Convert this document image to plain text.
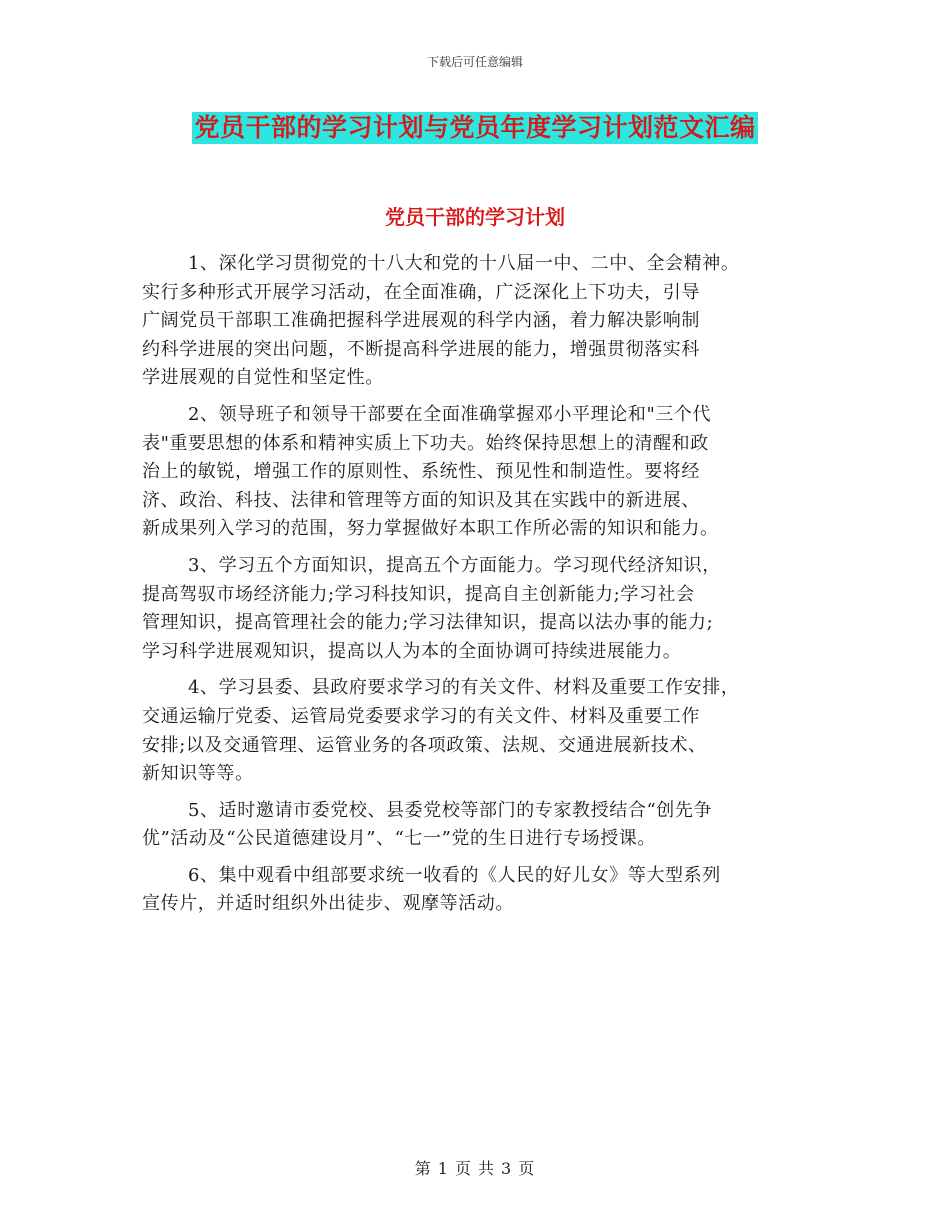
下载后可任意编辑
党员干部的学习计划与党员年度学习计划范文汇编
党员干部的学习计划
1、深化学习贯彻党的十八大和党的十八届一中、二中、全会精神。
实行多种形式开展学习活动，在全面准确，广泛深化上下功夫，引导
广阔党员干部职工准确把握科学进展观的科学内涵，着力解决影响制
约科学进展的突出问题，不断提高科学进展的能力，增强贯彻落实科
学进展观的自觉性和坚定性。
2、领导班子和领导干部要在全面准确掌握邓小平理论和"三个代
表"重要思想的体系和精神实质上下功夫。始终保持思想上的清醒和政
治上的敏锐，增强工作的原则性、系统性、预见性和制造性。要将经
济、政治、科技、法律和管理等方面的知识及其在实践中的新进展、
新成果列入学习的范围，努力掌握做好本职工作所必需的知识和能力。
3、学习五个方面知识，提高五个方面能力。学习现代经济知识，
提高驾驭市场经济能力;学习科技知识，提高自主创新能力;学习社会
管理知识，提高管理社会的能力;学习法律知识，提高以法办事的能力;
学习科学进展观知识，提高以人为本的全面协调可持续进展能力。
4、学习县委、县政府要求学习的有关文件、材料及重要工作安排，
交通运输厅党委、运管局党委要求学习的有关文件、材料及重要工作
安排;以及交通管理、运管业务的各项政策、法规、交通进展新技术、
新知识等等。
5、适时邀请市委党校、县委党校等部门的专家教授结合“创先争
优”活动及“公民道德建设月”、“七一”党的生日进行专场授课。
6、集中观看中组部要求统一收看的《人民的好儿女》等大型系列
宣传片，并适时组织外出徒步、观摩等活动。
第 1 页 共 3 页
